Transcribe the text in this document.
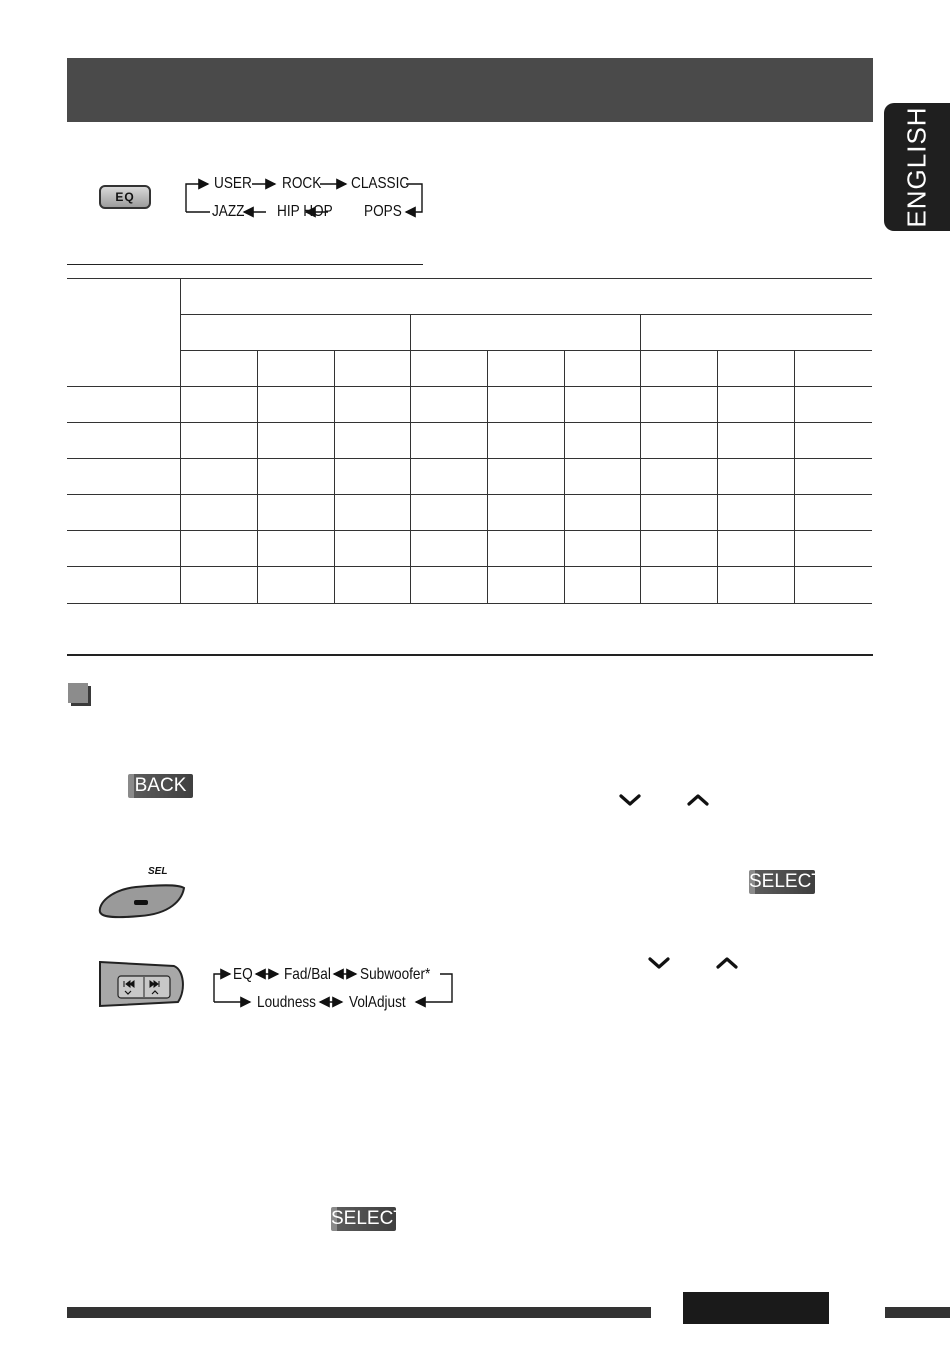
ENGLISH
EQ
USER ROCK CLASSIC
JAZZ HIP HOP POPS
BACK
SEL	SELECT
EQ Fad/Bal Subwoofer*
Loudness VolAdjust
SELECT
